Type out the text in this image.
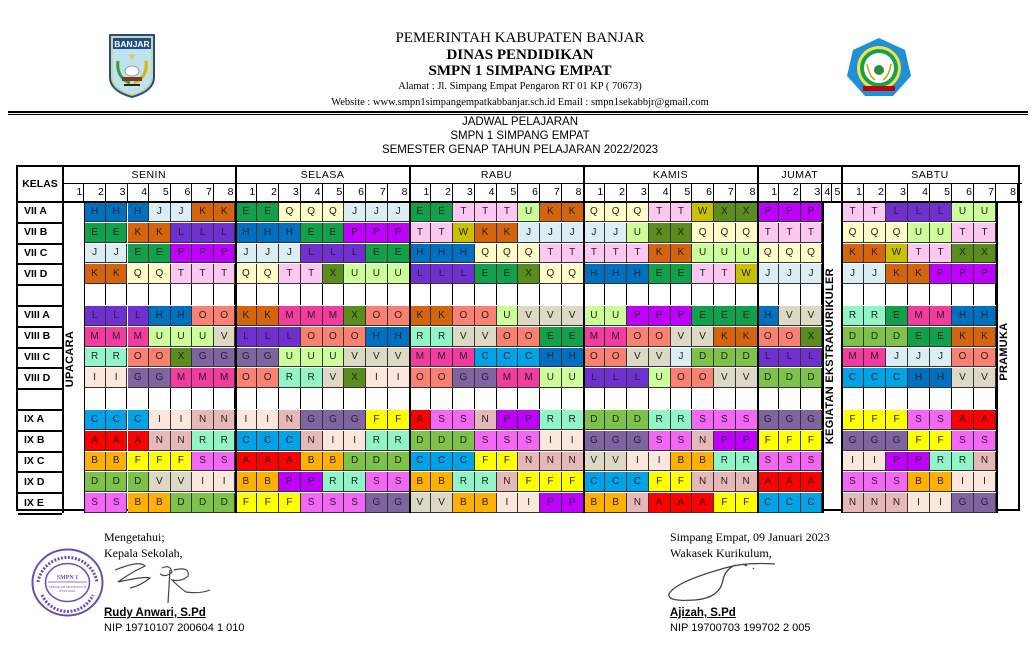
BANJAR	PEMERINTAH KABUPATEN BANJAR
DINAS PENDIDIKAN
SMPN 1 SIMPANG EMPAT
Alamat : Jl. Simpang Empat Pengaron RT 01 KP ( 70673)
Website : www.smpn1simpangempatkabbanjar.sch.id Email : smpn1sekabbjr@gmail.com
JADWAL PELAJARAN
SMPN 1 SIMPANG EMPAT
SEMESTER GENAP TAHUN PELAJARAN 2022/2023
KELAS
SENIN
1	2	3	4	5	6	7	8
SELASA
1	2	3	4	5	6	7	8
RABU
1	2	3	4	5	6	7	8
KAMIS
1	2	3	4	5	6	7	8
JUMAT
1	2	3 4 5
SABTU
1	2	3	4	5	6	7	8
VII A	H	H	H	J	J	K	K	E	E	Q	Q	Q	J	J	J	E	E	T	T	T	U	K	K	Q	Q	Q	T	T	W	X	X	P	P	P	T	T	L	L	L	U	U
VII B	E	E	K	K	L	L	L	H	H	H	E	E	P	P	P	T	T	W	K	K	J	J	J	J	J	U	X	X	Q	Q	Q	T	T	T	Q	Q	Q	U	U	T	T
VII C	J	J	E	E	P	P	P	J	J	J	L	L	L	E	E	H	H	H	Q	Q	Q	T	T	T	T	T	K	K	U	U	U	Q	Q	Q	K	K	W	T	T	X	X
VII D	K	K	Q	Q	T	T	T	Q	Q	T	T	X	U	U	U	L	L	L	E	E	X	Q	Q	H	H	H	E	E	T	T	W	J	J	J	J	J	K	K	P	P	P
VIII A	L	L	L	H	H	O	O	K	K	M	M	M	X	O	O	K	K	O	O	U	V	V	V	U	U	P	P	P	E	E	E	H	V	V	R	R	E	M	M	H	H
VIII B	M	M	M	U	U	U	V	L	L	L	O	O	O	H	H	R	R	V	V	O	O	E	E	M	M	O	O	V	V	K	K	O	O	X	D	D	D	E	E	K	K
VIII C	R	R	O	O	X	G	G	G	G	U	U	U	V	V	V	M	M	M	C	C	C	H	H	O	O	V	V	J	D	D	D	L	L	L	M	M	J	J	J	O	O
VIII D	I	I	G	G	M	M	M	O	O	R	R	V	X	I	I	O	O	G	G	M	M	U	U	L	L	L	U	O	O	V	V	D	D	D	C	C	C	H	H	V	V
IX A	C	C	C	I	I	N	N	I	I	N	G	G	G	F	F	A	S	S	N	P	P	R	R	D	D	D	R	R	S	S	S	G	G	G	F	F	F	S	S	A	A
IX B	A	A	A	N	N	R	R	C	C	C	N	I	I	R	R	D	D	D	S	S	S	I	I	G	G	G	S	S	N	P	P	F	F	F	G	G	G	F	F	S	S
IX C	B	B	F	F	F	S	S	A	A	A	B	B	D	D	D	C	C	C	F	F	N	N	N	V	V	I	I	B	B	R	R	S	S	S	I	I	P	P	R	R	N
IX D	D	D	D	V	V	I	I	B	B	P	P	R	R	S	S	B	B	R	R	N	F	F	F	C	C	C	F	F	N	N	N	A	A	A	S	S	S	B	B	I	I
IX E	S	S	B	B	D	D	D	F	F	F	S	S	S	G	G	V	V	B	B	I	I	P	P	B	B	N	A	A	A	F	F	C	C	C	N	N	N	I	I	G	G
UPACARA	KEGIATAN EKSTRAKURIKULER	PRAMUKA
SMPN 1
SEKOLAH MENENGAH
PERTAMA
Mengetahui;
Kepala Sekolah,
Rudy Anwari, S.Pd
NIP 19710107 200604 1 010
Simpang Empat, 09 Januari 2023
Wakasek Kurikulum,
Ajizah, S.Pd
NIP 19700703 199702 2 005
